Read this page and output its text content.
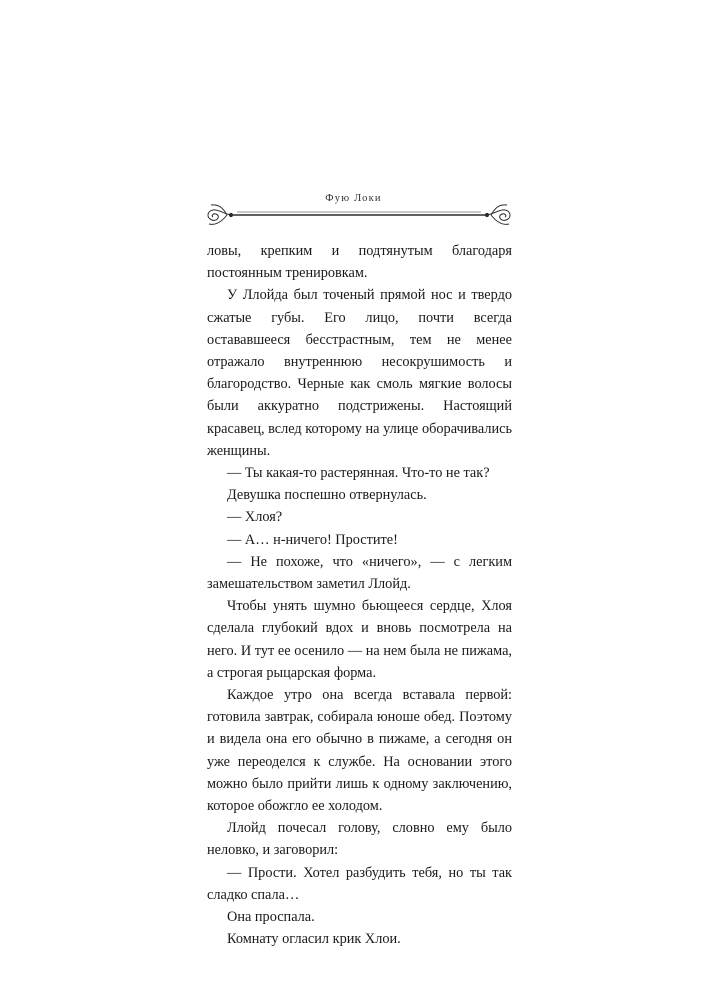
Фую Локи

ловы, крепким и подтянутым благодаря постоянным тренировкам.

У Ллойда был точеный прямой нос и твердо сжатые губы. Его лицо, почти всегда остававшееся бесстрастным, тем не менее отражало внутреннюю несокрушимость и благородство. Черные как смоль мягкие волосы были аккуратно подстрижены. Настоящий красавец, вслед которому на улице оборачивались женщины.

— Ты какая-то растерянная. Что-то не так?

Девушка поспешно отвернулась.

— Хлоя?

— А… н-ничего! Простите!

— Не похоже, что «ничего», — с легким замешательством заметил Ллойд.

Чтобы унять шумно бьющееся сердце, Хлоя сделала глубокий вдох и вновь посмотрела на него. И тут ее осенило — на нем была не пижама, а строгая рыцарская форма.

Каждое утро она всегда вставала первой: готовила завтрак, собирала юноше обед. Поэтому и видела она его обычно в пижаме, а сегодня он уже переоделся к службе. На основании этого можно было прийти лишь к одному заключению, которое обожгло ее холодом.

Ллойд почесал голову, словно ему было неловко, и заговорил:

— Прости. Хотел разбудить тебя, но ты так сладко спала…

Она проспала.

Комнату огласил крик Хлои.
